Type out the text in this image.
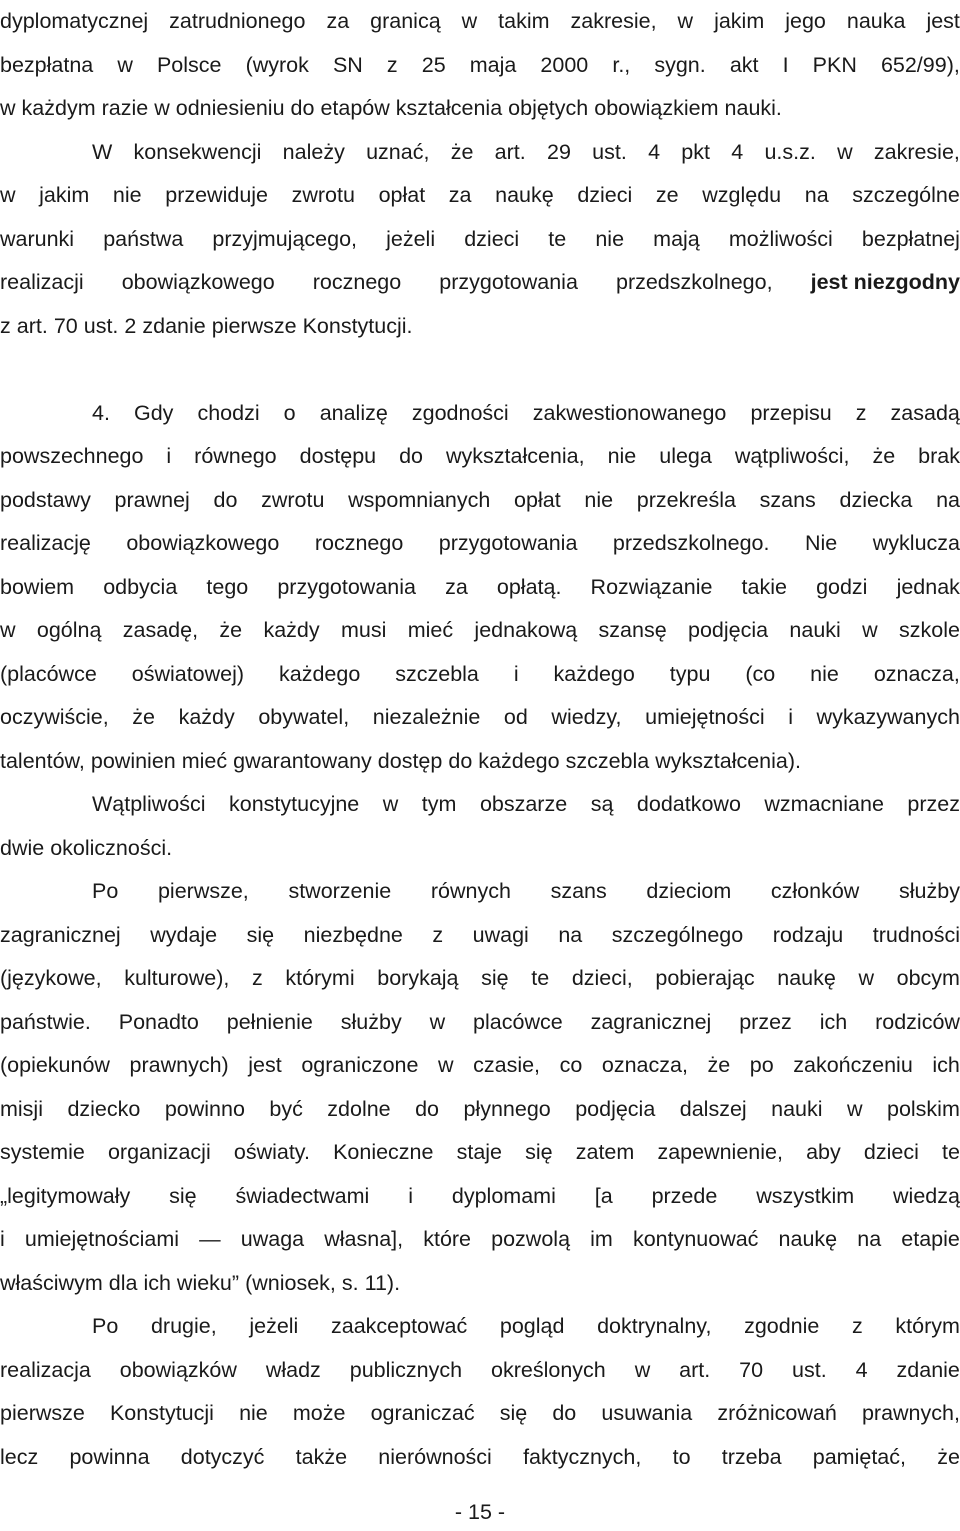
dyplomatycznej zatrudnionego za granicą w takim zakresie, w jakim jego nauka jest
bezpłatna w Polsce (wyrok SN z 25 maja 2000 r., sygn. akt I PKN 652/99),
w każdym razie w odniesieniu do etapów kształcenia objętych obowiązkiem nauki.
W konsekwencji należy uznać, że art. 29 ust. 4 pkt 4 u.s.z. w zakresie,
w jakim nie przewiduje zwrotu opłat za naukę dzieci ze względu na szczególne
warunki państwa przyjmującego, jeżeli dzieci te nie mają możliwości bezpłatnej
realizacji obowiązkowego rocznego przygotowania przedszkolnego, jest niezgodny
z art. 70 ust. 2 zdanie pierwsze Konstytucji.
4. Gdy chodzi o analizę zgodności zakwestionowanego przepisu z zasadą
powszechnego i równego dostępu do wykształcenia, nie ulega wątpliwości, że brak
podstawy prawnej do zwrotu wspomnianych opłat nie przekreśla szans dziecka na
realizację obowiązkowego rocznego przygotowania przedszkolnego. Nie wyklucza
bowiem odbycia tego przygotowania za opłatą. Rozwiązanie takie godzi jednak
w ogólną zasadę, że każdy musi mieć jednakową szansę podjęcia nauki w szkole
(placówce oświatowej) każdego szczebla i każdego typu (co nie oznacza,
oczywiście, że każdy obywatel, niezależnie od wiedzy, umiejętności i wykazywanych
talentów, powinien mieć gwarantowany dostęp do każdego szczebla wykształcenia).
Wątpliwości konstytucyjne w tym obszarze są dodatkowo wzmacniane przez
dwie okoliczności.
Po pierwsze, stworzenie równych szans dzieciom członków służby
zagranicznej wydaje się niezbędne z uwagi na szczególnego rodzaju trudności
(językowe, kulturowe), z którymi borykają się te dzieci, pobierając naukę w obcym
państwie. Ponadto pełnienie służby w placówce zagranicznej przez ich rodziców
(opiekunów prawnych) jest ograniczone w czasie, co oznacza, że po zakończeniu ich
misji dziecko powinno być zdolne do płynnego podjęcia dalszej nauki w polskim
systemie organizacji oświaty. Konieczne staje się zatem zapewnienie, aby dzieci te
„legitymowały się świadectwami i dyplomami [a przede wszystkim wiedzą
i umiejętnościami — uwaga własna], które pozwolą im kontynuować naukę na etapie
właściwym dla ich wieku” (wniosek, s. 11).
Po drugie, jeżeli zaakceptować pogląd doktrynalny, zgodnie z którym
realizacja obowiązków władz publicznych określonych w art. 70 ust. 4 zdanie
pierwsze Konstytucji nie może ograniczać się do usuwania zróżnicowań prawnych,
lecz powinna dotyczyć także nierówności faktycznych, to trzeba pamiętać, że
- 15 -
